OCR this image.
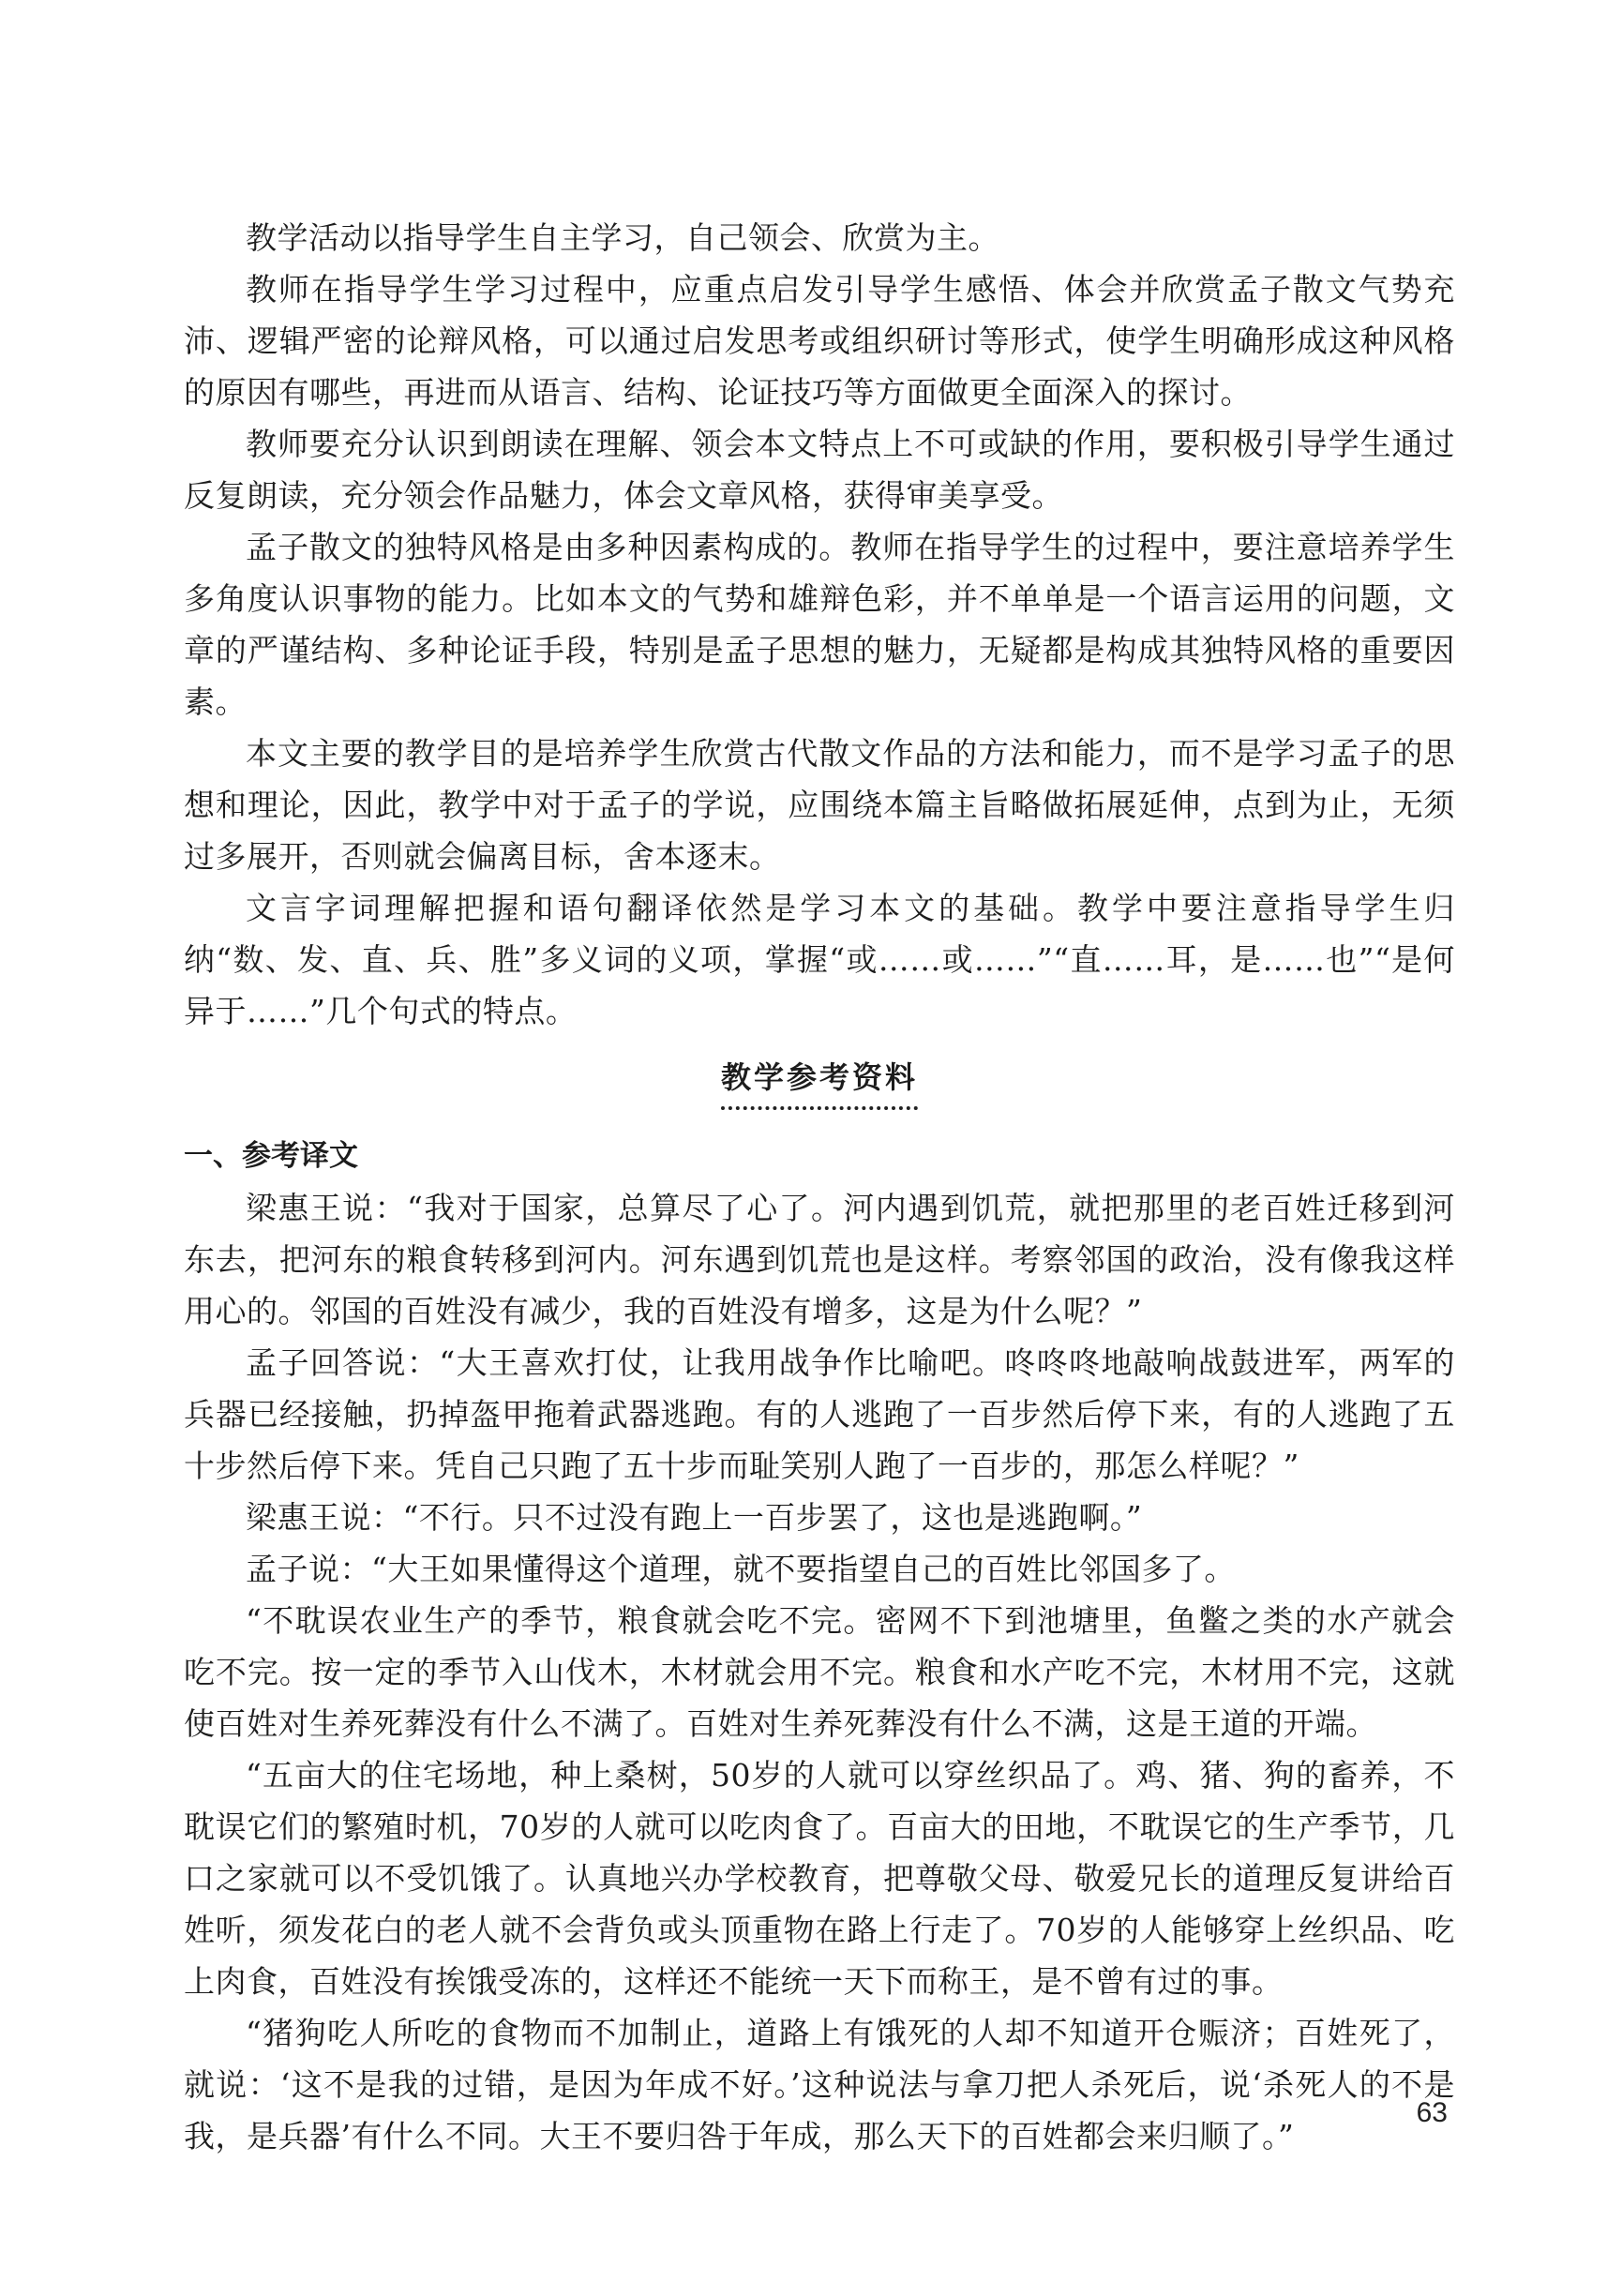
教学活动以指导学生自主学习，自己领会、欣赏为主。

教师在指导学生学习过程中，应重点启发引导学生感悟、体会并欣赏孟子散文气势充沛、逻辑严密的论辩风格，可以通过启发思考或组织研讨等形式，使学生明确形成这种风格的原因有哪些，再进而从语言、结构、论证技巧等方面做更全面深入的探讨。

教师要充分认识到朗读在理解、领会本文特点上不可或缺的作用，要积极引导学生通过反复朗读，充分领会作品魅力，体会文章风格，获得审美享受。

孟子散文的独特风格是由多种因素构成的。教师在指导学生的过程中，要注意培养学生多角度认识事物的能力。比如本文的气势和雄辩色彩，并不单单是一个语言运用的问题，文章的严谨结构、多种论证手段，特别是孟子思想的魅力，无疑都是构成其独特风格的重要因素。

本文主要的教学目的是培养学生欣赏古代散文作品的方法和能力，而不是学习孟子的思想和理论，因此，教学中对于孟子的学说，应围绕本篇主旨略做拓展延伸，点到为止，无须过多展开，否则就会偏离目标，舍本逐末。

文言字词理解把握和语句翻译依然是学习本文的基础。教学中要注意指导学生归纳“数、发、直、兵、胜”多义词的义项，掌握“或……或……”“直……耳，是……也”“是何异于……”几个句式的特点。

教学参考资料

一、参考译文

梁惠王说：“我对于国家，总算尽了心了。河内遇到饥荒，就把那里的老百姓迁移到河东去，把河东的粮食转移到河内。河东遇到饥荒也是这样。考察邻国的政治，没有像我这样用心的。邻国的百姓没有减少，我的百姓没有增多，这是为什么呢？”

孟子回答说：“大王喜欢打仗，让我用战争作比喻吧。咚咚咚地敲响战鼓进军，两军的兵器已经接触，扔掉盔甲拖着武器逃跑。有的人逃跑了一百步然后停下来，有的人逃跑了五十步然后停下来。凭自己只跑了五十步而耻笑别人跑了一百步的，那怎么样呢？”

梁惠王说：“不行。只不过没有跑上一百步罢了，这也是逃跑啊。”

孟子说：“大王如果懂得这个道理，就不要指望自己的百姓比邻国多了。

“不耽误农业生产的季节，粮食就会吃不完。密网不下到池塘里，鱼鳖之类的水产就会吃不完。按一定的季节入山伐木，木材就会用不完。粮食和水产吃不完，木材用不完，这就使百姓对生养死葬没有什么不满了。百姓对生养死葬没有什么不满，这是王道的开端。

“五亩大的住宅场地，种上桑树，50岁的人就可以穿丝织品了。鸡、猪、狗的畜养，不耽误它们的繁殖时机，70岁的人就可以吃肉食了。百亩大的田地，不耽误它的生产季节，几口之家就可以不受饥饿了。认真地兴办学校教育，把尊敬父母、敬爱兄长的道理反复讲给百姓听，须发花白的老人就不会背负或头顶重物在路上行走了。70岁的人能够穿上丝织品、吃上肉食，百姓没有挨饿受冻的，这样还不能统一天下而称王，是不曾有过的事。

“猪狗吃人所吃的食物而不加制止，道路上有饿死的人却不知道开仓赈济；百姓死了，就说：‘这不是我的过错，是因为年成不好。’这种说法与拿刀把人杀死后，说‘杀死人的不是我，是兵器’有什么不同。大王不要归咎于年成，那么天下的百姓都会来归顺了。”

63
